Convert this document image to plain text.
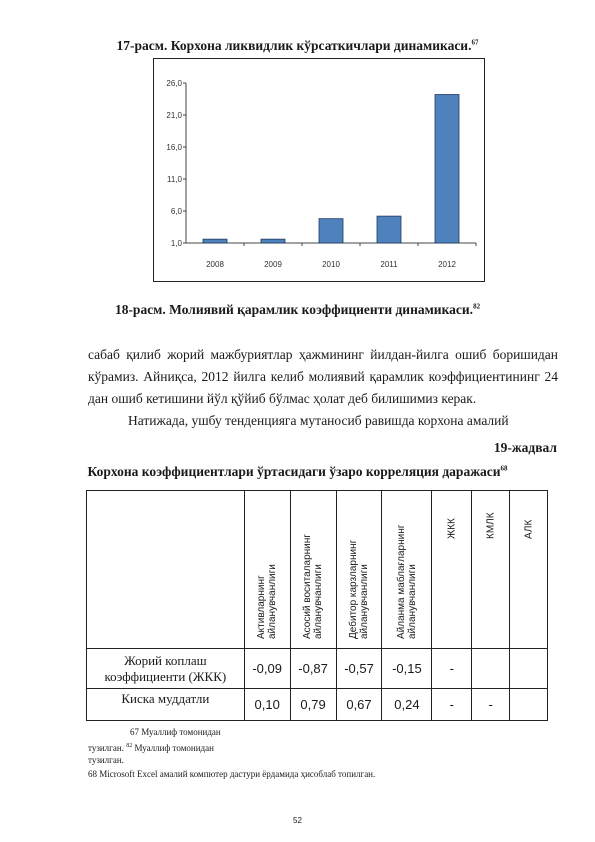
17-расм. Корхона ликвидлик кўрсаткичлари динамикаси.$^{67}$
1,0
6,0
11,0
16,0
21,0
26,0
2008	2009	2010	2011	2012
18-расм. Молиявий қарамлик коэффициенти динамикаси.$^{82}$
сабаб қилиб жорий мажбуриятлар ҳажмининг йилдан-йилга ошиб боришидан кўрамиз. Айниқса, 2012 йилга келиб молиявий қарамлик коэффициентининг 24 дан ошиб кетишини йўл қўйиб бўлмас ҳолат деб билишимиз керак.
Натижада, ушбу тенденцияга мутаносиб равишда корхона амалий
19-жадвал
Корхона коэффициентлари ўртасидаги ўзаро корреляция даражаси$^{68}$

	Активларнинг
айланувчанлиги	Асосий воситаларнинг
айланувчанлиги	Дебитор карзларнинг
айланувчанлиги	Айланма маблағларнинг
айланувчанлиги	ЖКК	КМЛК	АЛК

Жорий коплаш коэффициенти (ЖКК)	-0,09	-0,87	-0,57	-0,15	-		
Киска муддатли	0,10	0,79	0,67	0,24	-	-	
67 Муаллиф томонидан
тузилган. $^{82}$ Муаллиф томонидан
тузилган.
68 Microsoft Excel амалий компютер дастури ёрдамида ҳисоблаб топилган.
52
